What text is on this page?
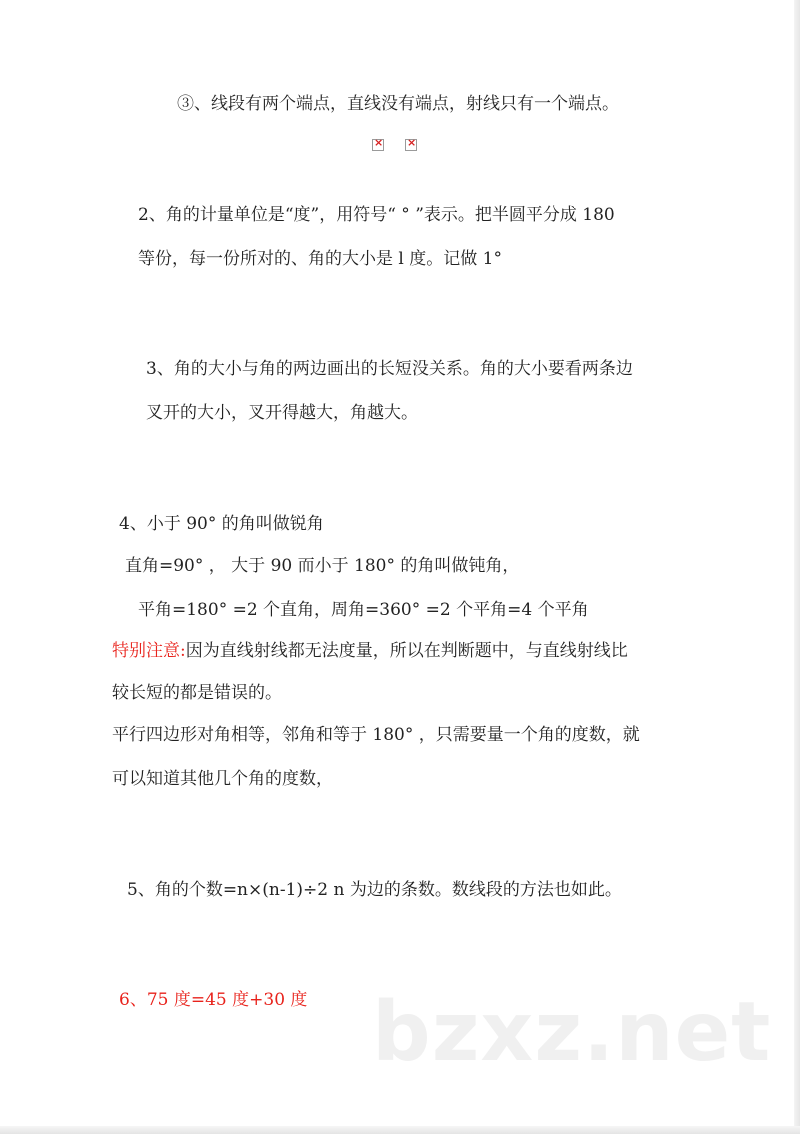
③、线段有两个端点，直线没有端点，射线只有一个端点。
×
×
2、角的计量单位是“度”，用符号“ ° ”表示。把半圆平分成 180
等份，每一份所对的、角的大小是 l 度。记做 1°
3、角的大小与角的两边画出的长短没关系。角的大小要看两条边
叉开的大小，叉开得越大，角越大。
4、小于 90° 的角叫做锐角
直角=90° ， 大于 90 而小于 180° 的角叫做钝角，
平角=180° =2 个直角，周角=360° =2 个平角=4 个平角
特别注意:因为直线射线都无法度量，所以在判断题中，与直线射线比
较长短的都是错误的。
平行四边形对角相等，邻角和等于 180° ，只需要量一个角的度数，就
可以知道其他几个角的度数，
5、角的个数=n×(n-1)÷2 n 为边的条数。数线段的方法也如此。
6、75 度=45 度+30 度 bzxz.net
